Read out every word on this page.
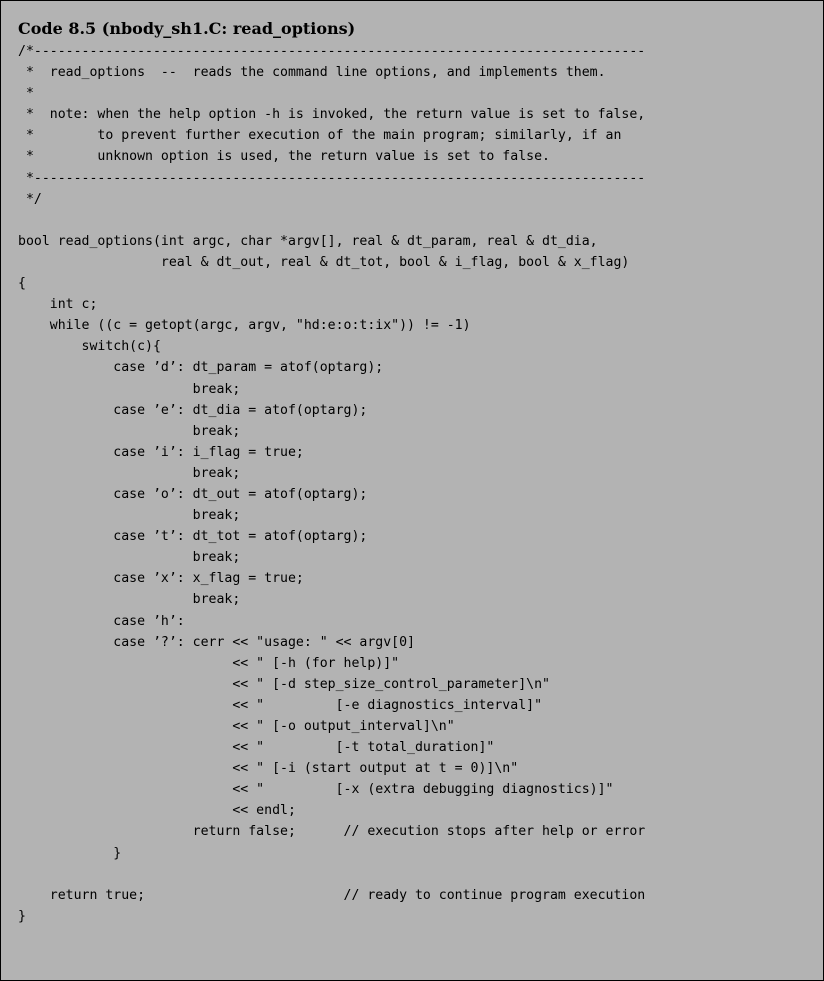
Code 8.5 (nbody_sh1.C: read_options)
/*-----------------------------------------------------------------------------
*  read_options  --  reads the command line options, and implements them.
*
*  note: when the help option -h is invoked, the return value is set to false,
*        to prevent further execution of the main program; similarly, if an
*        unknown option is used, the return value is set to false.
*-----------------------------------------------------------------------------
*/
bool read_options(int argc, char *argv[], real & dt_param, real & dt_dia,
real & dt_out, real & dt_tot, bool & i_flag, bool & x_flag)
{
int c;
while ((c = getopt(argc, argv, "hd:e:o:t:ix")) != -1)
switch(c){
case ’d’: dt_param = atof(optarg);
break;
case ’e’: dt_dia = atof(optarg);
break;
case ’i’: i_flag = true;
break;
case ’o’: dt_out = atof(optarg);
break;
case ’t’: dt_tot = atof(optarg);
break;
case ’x’: x_flag = true;
break;
case ’h’:
case ’?’: cerr << "usage: " << argv[0]
<< " [-h (for help)]"
<< " [-d step_size_control_parameter]\n"
<< "         [-e diagnostics_interval]"
<< " [-o output_interval]\n"
<< "         [-t total_duration]"
<< " [-i (start output at t = 0)]\n"
<< "         [-x (extra debugging diagnostics)]"
<< endl;
return false;      // execution stops after help or error
}
return true;                         // ready to continue program execution
}
